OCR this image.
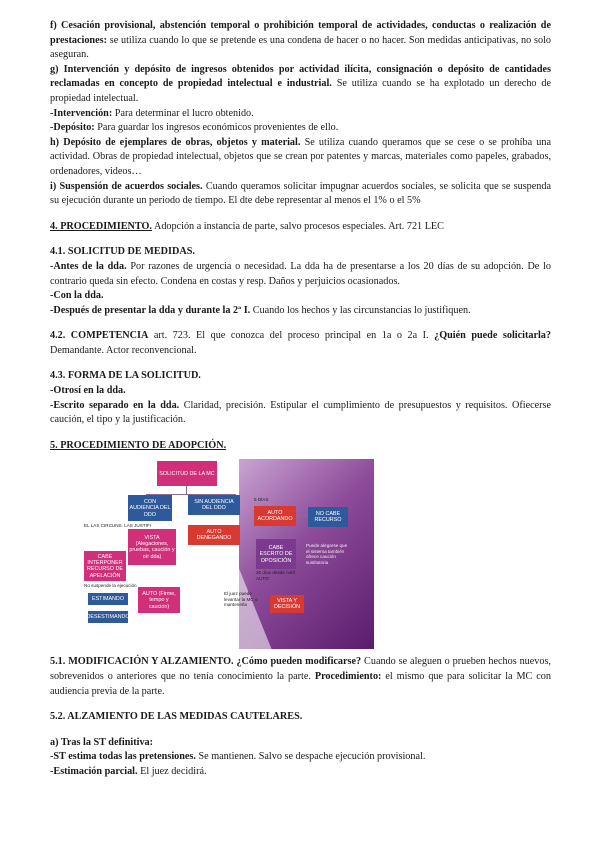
f) Cesación provisional, abstención temporal o prohibición temporal de actividades, conductas o realización de prestaciones: se utiliza cuando lo que se pretende es una condena de hacer o no hacer. Son medidas anticipativas, no solo aseguran.

g) Intervención y depósito de ingresos obtenidos por actividad ilícita, consignación o depósito de cantidades reclamadas en concepto de propiedad intelectual e industrial. Se utiliza cuando se ha explotado un derecho de propiedad intelectual.

-Intervención: Para determinar el lucro obtenido.

-Depósito: Para guardar los ingresos económicos provenientes de ello.

h) Depósito de ejemplares de obras, objetos y material. Se utiliza cuando queramos que se cese o se prohíba una actividad. Obras de propiedad intelectual, objetos que se crean por patentes y marcas, materiales como papeles, grabados, ordenadores, videos…

i) Suspensión de acuerdos sociales. Cuando queramos solicitar impugnar acuerdos sociales, se solicita que se suspenda su ejecución durante un periodo de tiempo. El dte debe representar al menos el 1% o el 5%

4. PROCEDIMIENTO. Adopción a instancia de parte, salvo procesos especiales. Art. 721 LEC

4.1. SOLICITUD DE MEDIDAS.

-Antes de la dda. Por razones de urgencia o necesidad. La dda ha de presentarse a los 20 días de su adopción. De lo contrario queda sin efecto. Condena en costas y resp. Daños y perjuicios ocasionados.

-Con la dda.

-Después de presentar la dda y durante la 2ª I. Cuando los hechos y las circunstancias lo justifiquen.

4.2. COMPETENCIA art. 723. El que conozca del proceso principal en 1a o 2a I. ¿Quién puede solicitarla? Demandante. Actor reconvencional.

4.3. FORMA DE LA SOLICITUD.

-Otrosí en la dda.

-Escrito separado en la dda. Claridad, precisión. Estipular el cumplimiento de presupuestos y requisitos. Ofiecerse caución, el tipo y la justificación.

5. PROCEDIMIENTO DE ADOPCIÓN.

SOLICITUD DE LA MC
CON AUDIENCIA DEL DDO
SIN AUDIENCIA DEL DDO
5 DÍAS
AUTO ACORDANDO
NO CABE RECURSO
EL LAS CIRCUNS. LAS JUSTIFI
VISTA (Alegaciones, pruebas, caución y oír dda)
AUTO DENEGANDO
CABE ESCRITO DE OPOSICIÓN
20 días desde notif. AUTO
Puede alegarse que el sistema también ofrece caución sustitutoria
CABE INTERPONER RECURSO DE APELACIÓN
No suspende la ejecución
ESTIMANDO
DESESTIMANDO
AUTO (Firme, tempo y caución)
El juez puede levantar la MC o mantenerla
VISTA Y DECISIÓN

5.1. MODIFICACIÓN Y ALZAMIENTO. ¿Cómo pueden modificarse? Cuando se aleguen o prueben hechos nuevos, sobrevenidos o anteriores que no tenía conocimiento la parte. Procedimiento: el mismo que para solicitar la MC con audiencia previa de la parte.

5.2. ALZAMIENTO DE LAS MEDIDAS CAUTELARES.

a) Tras la ST definitiva:

-ST estima todas las pretensiones. Se mantienen. Salvo se despache ejecución provisional.

-Estimación parcial. El juez decidirá.
